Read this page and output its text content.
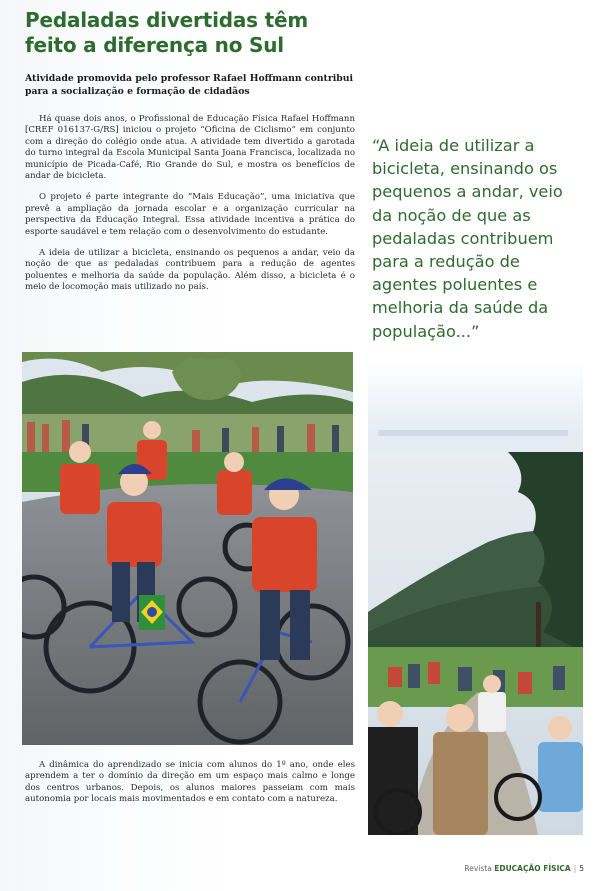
Pedaladas divertidas têm feito a diferença no Sul

Atividade promovida pelo professor Rafael Hoffmann contribui para a socialização e formação de cidadãos

Há quase dois anos, o Profissional de Educação Física Rafael Hoffmann [CREF 016137-G/RS] iniciou o projeto “Oficina de Ciclismo” em conjunto com a direção do colégio onde atua. A atividade tem divertido a garotada do turno integral da Escola Municipal Santa Joana Francisca, localizada no município de Picada-Café, Rio Grande do Sul, e mostra os benefícios de andar de bicicleta.

O projeto é parte integrante do “Mais Educação”, uma iniciativa que prevê a ampliação da jornada escolar e a organização curricular na perspectiva da Educação Integral. Essa atividade incentiva a prática do esporte saudável e tem relação com o desenvolvimento do estudante.

A ideia de utilizar a bicicleta, ensinando os pequenos a andar, veio da noção de que as pedaladas contribuem para a redução de agentes poluentes e melhoria da saúde da população. Além disso, a bicicleta é o meio de locomoção mais utilizado no país.

“A ideia de utilizar a bicicleta, ensinando os pequenos a andar, veio da noção de que as pedaladas contribuem para a redução de agentes poluentes e melhoria da saúde da população...”

A dinâmica do aprendizado se inicia com alunos do 1º ano, onde eles aprendem a ter o domínio da direção em um espaço mais calmo e longe dos centros urbanos. Depois, os alunos maiores passeiam com mais autonomia por locais mais movimentados e em contato com a natureza.

Revista EDUCAÇÃO FÍSICA | 5
